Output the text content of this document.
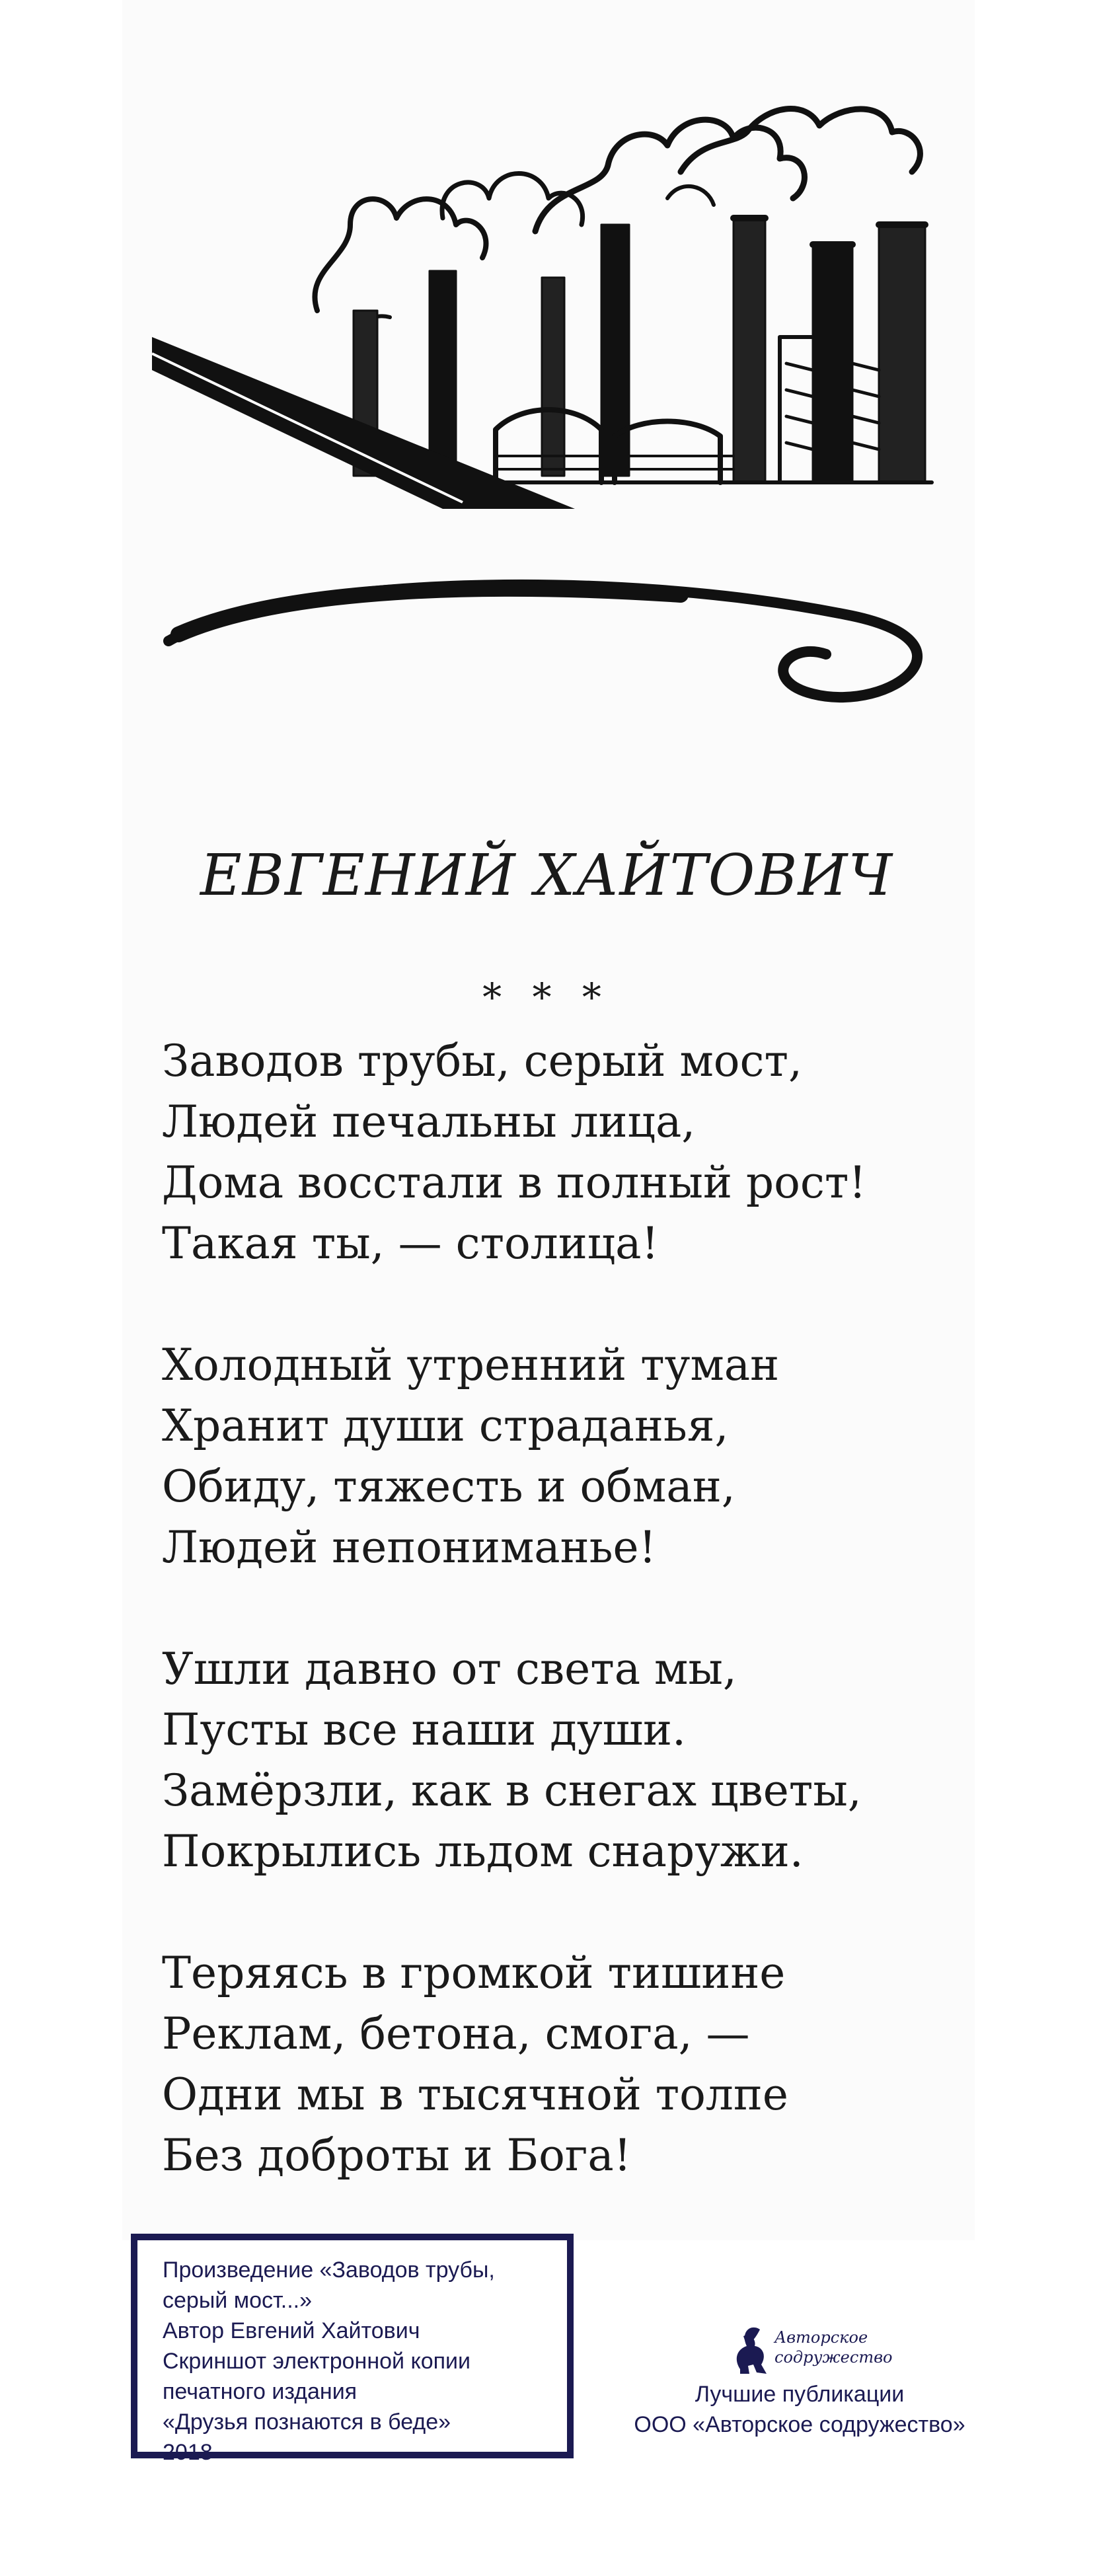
ЕВГЕНИЙ ХАЙТОВИЧ
* * *
Заводов трубы, серый мост,
Людей печальны лица,
Дома восстали в полный рост!
Такая ты, — столица!
Холодный утренний туман
Хранит души страданья,
Обиду, тяжесть и обман,
Людей непониманье!
Ушли давно от света мы,
Пусты все наши души.
Замёрзли, как в снегах цветы,
Покрылись льдом снаружи.
Теряясь в громкой тишине
Реклам, бетона, смога, —
Одни мы в тысячной толпе
Без доброты и Бога!
Произведение «Заводов трубы,
серый мост...»
Автор Евгений Хайтович
Скриншот электронной копии
печатного издания
«Друзья познаются в беде»
2018
Авторское
содружество
Лучшие публикации
ООО «Авторское содружество»
